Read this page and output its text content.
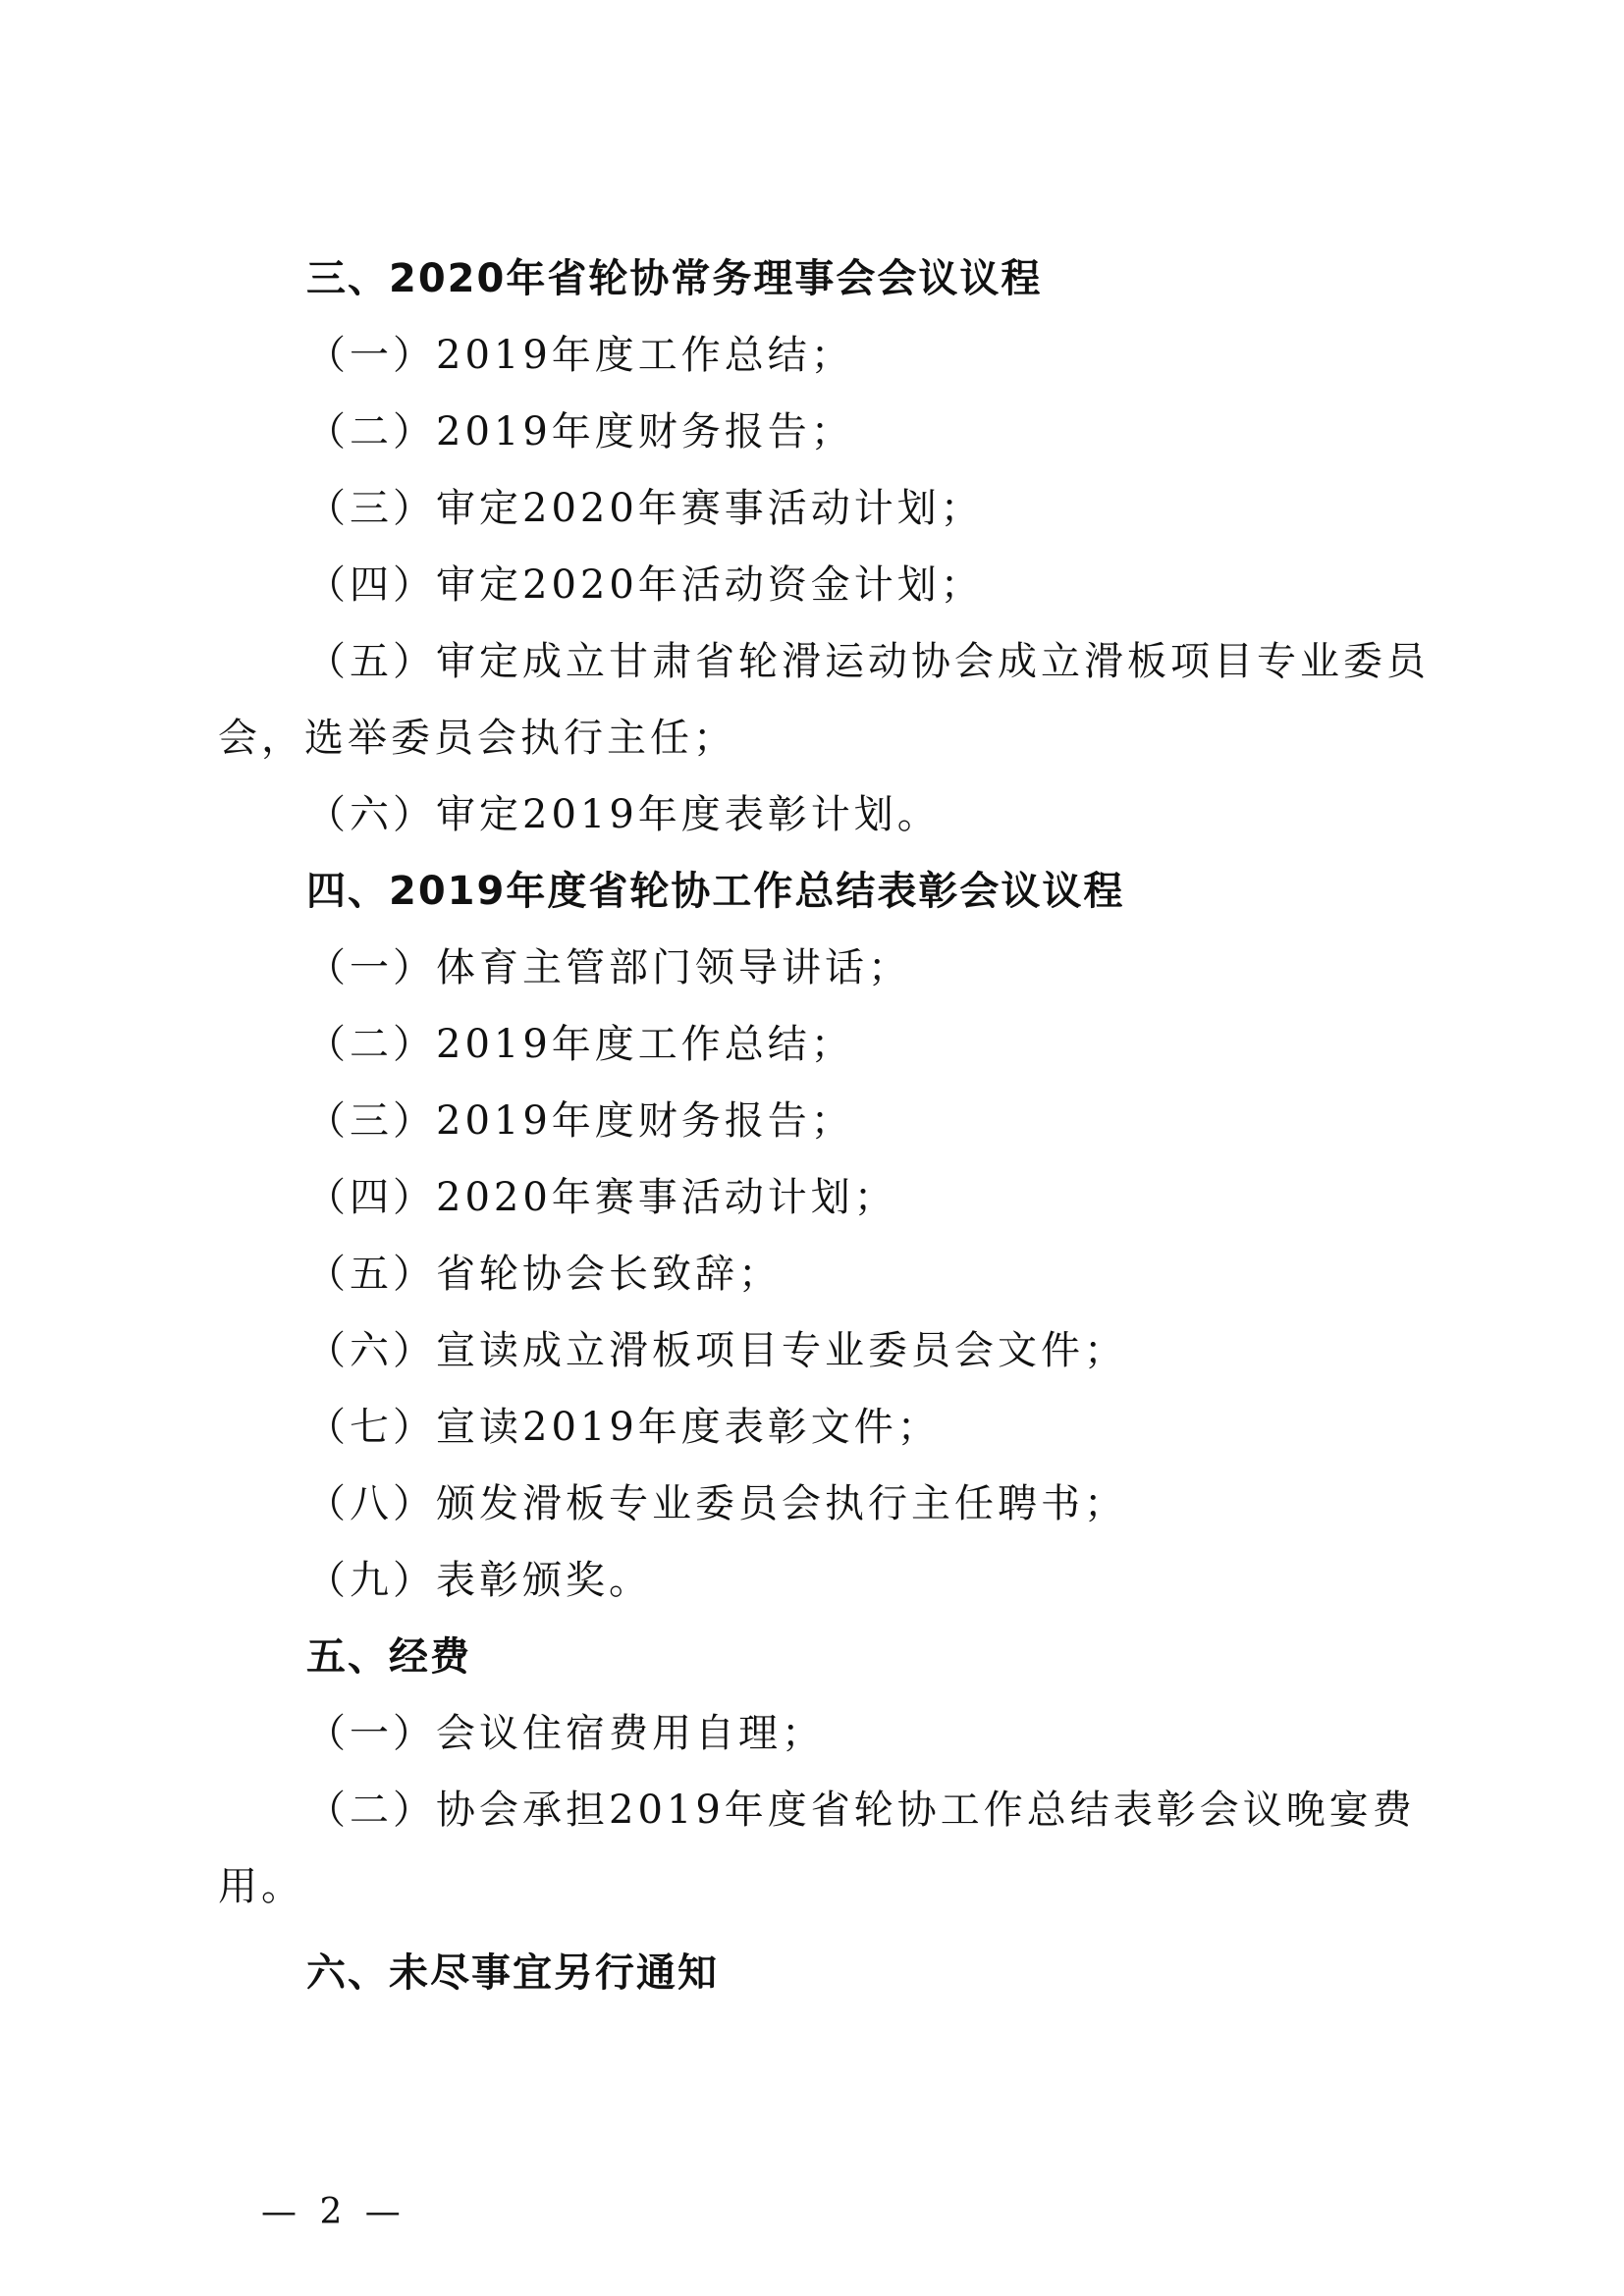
三、2020年省轮协常务理事会会议议程
（一）2019年度工作总结；
（二）2019年度财务报告；
（三）审定2020年赛事活动计划；
（四）审定2020年活动资金计划；
（五）审定成立甘肃省轮滑运动协会成立滑板项目专业委员
会，选举委员会执行主任；
（六）审定2019年度表彰计划。
四、2019年度省轮协工作总结表彰会议议程
（一）体育主管部门领导讲话；
（二）2019年度工作总结；
（三）2019年度财务报告；
（四）2020年赛事活动计划；
（五）省轮协会长致辞；
（六）宣读成立滑板项目专业委员会文件；
（七）宣读2019年度表彰文件；
（八）颁发滑板专业委员会执行主任聘书；
（九）表彰颁奖。
五、经费
（一）会议住宿费用自理；
（二）协会承担2019年度省轮协工作总结表彰会议晚宴费
用。
六、未尽事宜另行通知
— 2 —
